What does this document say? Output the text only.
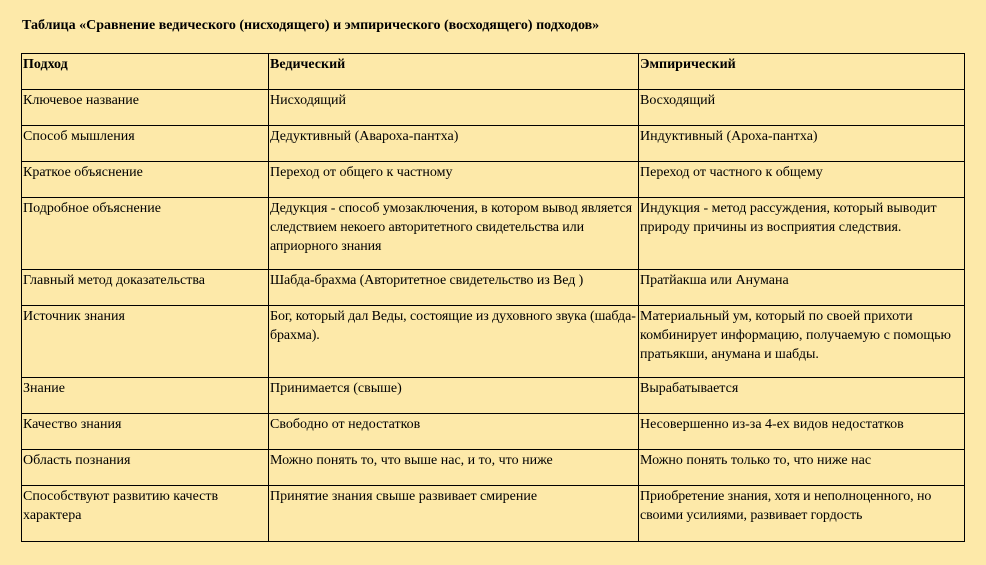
Таблица «Сравнение ведического (нисходящего) и эмпирического (восходящего) подходов»
Подход	Ведический	Эмпирический
Ключевое название	Нисходящий	Восходящий
Способ мышления	Дедуктивный (Авароха-пантха)	Индуктивный (Ароха-пантха)
Краткое объяснение	Переход от общего к частному	Переход от частного к общему
Подробное объяснение	Дедукция - способ умозаключения, в котором вывод является следствием некоего авторитетного свидетельства или априорного знания	Индукция - метод рассуждения, который выводит природу причины из восприятия следствия.
Главный метод доказательства	Шабда-брахма (Авторитетное свидетельство из Вед )	Пратйакша или Анумана
Источник знания	Бог, который дал Веды, состоящие из духовного звука (шабда-брахма).	Материальный ум, который по своей прихоти комбинирует информацию, получаемую с помощью пратьякши, анумана и шабды.
Знание	Принимается (свыше)	Вырабатывается
Качество знания	Свободно от недостатков	Несовершенно из-за 4-ех видов недостатков
Область познания	Можно понять то, что выше нас, и то, что ниже	Можно понять только то, что ниже нас
Способствуют развитию качеств характера	Принятие знания свыше развивает смирение	Приобретение знания, хотя и неполноценного, но своими усилиями, развивает гордость
